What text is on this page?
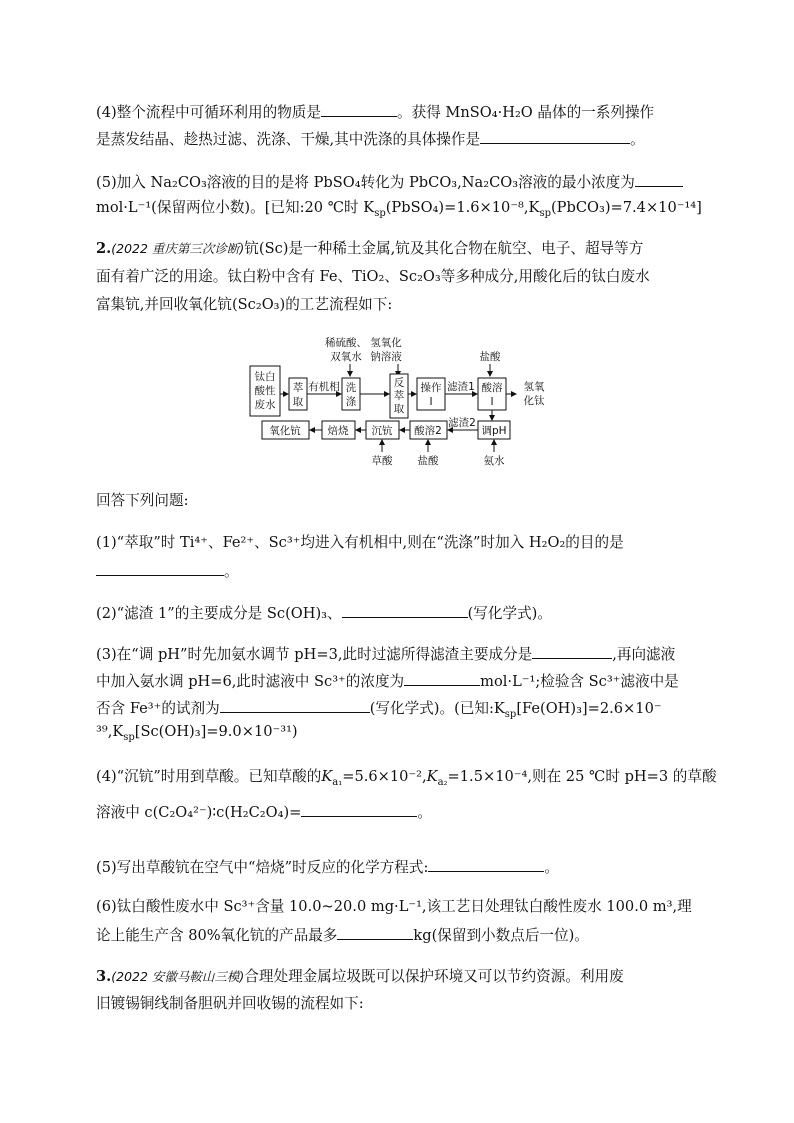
(4)整个流程中可循环利用的物质是	。获得 MnSO₄·H₂O 晶体的一系列操作
是蒸发结晶、趁热过滤、洗涤、干燥,其中洗涤的具体操作是	。
(5)加入 Na₂CO₃溶液的目的是将 PbSO₄转化为 PbCO₃,Na₂CO₃溶液的最小浓度为
mol·L⁻¹(保留两位小数)。[已知:20 ℃时 $K_{sp}(PbSO_4)=1.6\times 10^{-8},K_{sp}(PbCO_3)=7.4\times 10^{-14}$]
2.(2022 重庆第三次诊断)钪(Sc)是一种稀土金属,钪及其化合物在航空、电子、超导等方
面有着广泛的用途。钛白粉中含有 Fe、TiO₂、Sc₂O₃等多种成分,用酸化后的钛白废水
富集钪,并回收氧化钪(Sc₂O₃)的工艺流程如下:
稀硫酸、
双氧水
氢氧化
钠溶液	盐酸
钛白
酸性
废水
萃
取
有机相 洗
涤
反
萃
取
操作
Ⅰ
滤渣1 酸溶
Ⅰ
氢氧
化钛
调pH
滤渣2
酸溶2
沉钪
焙烧
氧化钪
草酸 盐酸	氨水
回答下列问题:
(1)“萃取”时 Ti⁴⁺、Fe²⁺、Sc³⁺均进入有机相中,则在“洗涤”时加入 H₂O₂的目的是
。
(2)“滤渣 1”的主要成分是 Sc(OH)₃、	(写化学式)。
(3)在“调 pH”时先加氨水调节 pH=3,此时过滤所得滤渣主要成分是	,再向滤液
中加入氨水调 pH=6,此时滤液中 Sc³⁺的浓度为	mol·L⁻¹;检验含 Sc³⁺滤液中是
否含 Fe³⁺的试剂为	(写化学式)。(已知$:K_{sp}[Fe(OH)_3]=2.6\times 10^-$
$^{39},K_{sp}[Sc(OH)_3]=9.0\times 10^{-31}$)
(4)“沉钪”时用到草酸。已知草酸的$K_{a_1}=5.6\times 10^{-2},K_{a_2}=1.5\times 10^{-4}$,则在 25 ℃时 pH=3 的草酸
溶液中 c(C₂O₄²⁻)∶c(H₂C₂O₄)=	。
(5)写出草酸钪在空气中“焙烧”时反应的化学方程式:	。
(6)钛白酸性废水中 Sc³⁺含量 10.0~20.0 mg·L⁻¹,该工艺日处理钛白酸性废水 100.0 m³,理
论上能生产含 80%氧化钪的产品最多	kg(保留到小数点后一位)。
3.(2022 安徽马鞍山三模)合理处理金属垃圾既可以保护环境又可以节约资源。利用废
旧镀锡铜线制备胆矾并回收锡的流程如下:
